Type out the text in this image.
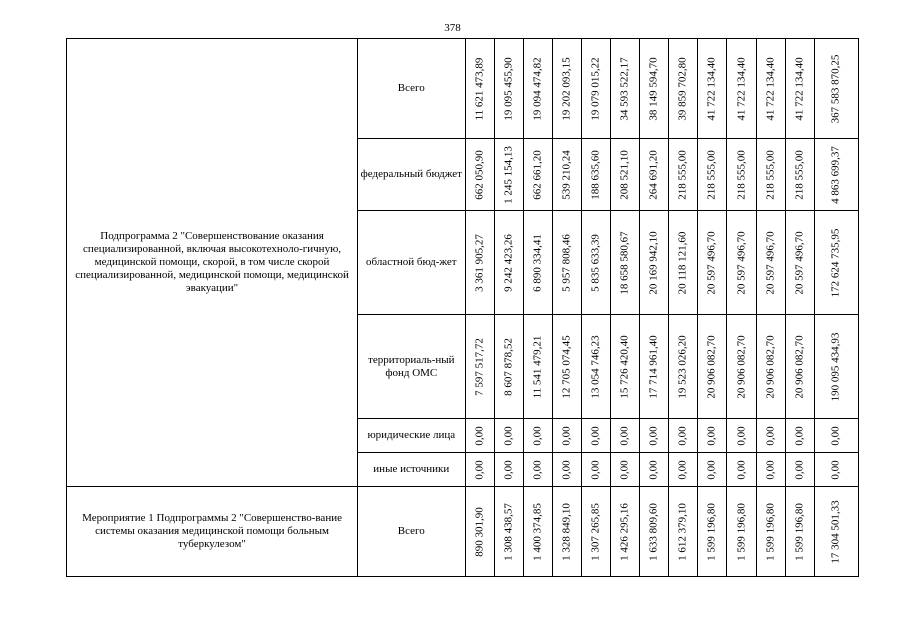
378
Подпрограмма 2 "Совершенствование оказания специализированной, включая высокотехноло-гичную, медицинской помощи, скорой, в том числе скорой специализированной, медицинской помощи, медицинской эвакуации"	Всего	11 621 473,89	19 095 455,90	19 094 474,82	19 202 093,15	19 079 015,22	34 593 522,17	38 149 594,70	39 859 702,80	41 722 134,40	41 722 134,40	41 722 134,40	41 722 134,40	367 583 870,25

	федеральный бюджет	662 050,90	1 245 154,13	662 661,20	539 210,24	188 635,60	208 521,10	264 691,20	218 555,00	218 555,00	218 555,00	218 555,00	218 555,00	4 863 699,37

	областной бюд-жет	3 361 905,27	9 242 423,26	6 890 334,41	5 957 808,46	5 835 633,39	18 658 580,67	20 169 942,10	20 118 121,60	20 597 496,70	20 597 496,70	20 597 496,70	20 597 496,70	172 624 735,95

	территориаль-ный фонд ОМС	7 597 517,72	8 607 878,52	11 541 479,21	12 705 074,45	13 054 746,23	15 726 420,40	17 714 961,40	19 523 026,20	20 906 082,70	20 906 082,70	20 906 082,70	20 906 082,70	190 095 434,93

	юридические лица	0,00	0,00	0,00	0,00	0,00	0,00	0,00	0,00	0,00	0,00	0,00	0,00	0,00

	иные источники	0,00	0,00	0,00	0,00	0,00	0,00	0,00	0,00	0,00	0,00	0,00	0,00	0,00

Мероприятие 1 Подпрограммы 2 "Совершенство-вание системы оказания медицинской помощи больным туберкулезом"	Всего	890 301,90	1 308 438,57	1 400 374,85	1 328 849,10	1 307 265,85	1 426 295,16	1 633 809,60	1 612 379,10	1 599 196,80	1 599 196,80	1 599 196,80	1 599 196,80	17 304 501,33
